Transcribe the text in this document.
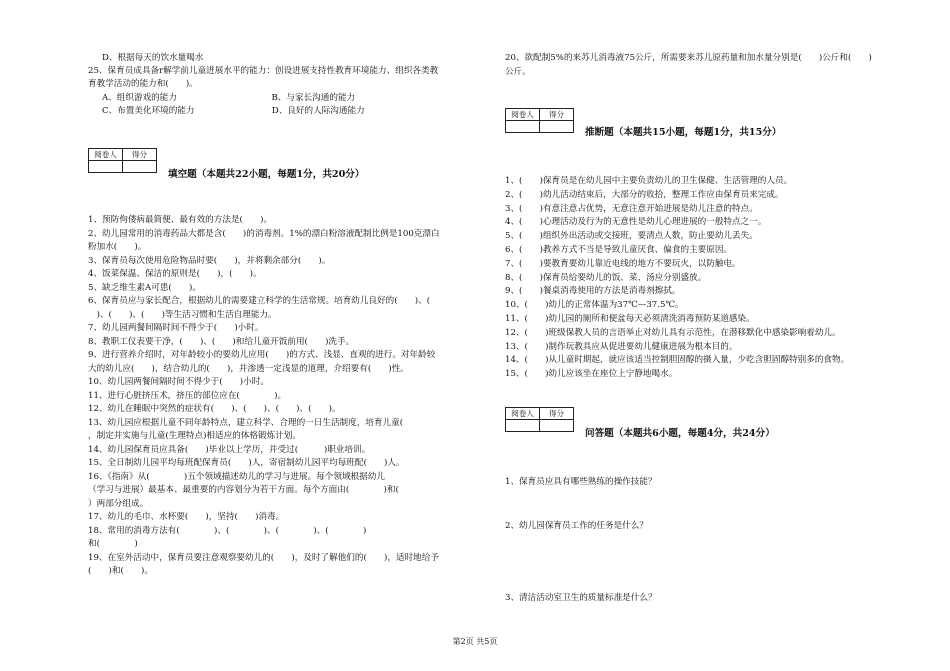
D、根据每天的饮水量喝水
25、保育员成具备r解学前儿童进展水平的能力：创设进展支持性教育环境能力、组织各类教
育教学活动的能力和(　　)。
A、组织游戏的能力　　　　　　　　　　　B、与家长沟通的能力
C、布置美化环境的能力　　　　　　　　　D、良好的人际沟通能力
阅卷人	得分

填空题（本题共22小题，每题1分，共20分）
1、预防佝偻病最简便、最有效的方法是(　　)。
2、幼儿园常用的消毒药品大都是含(　　)的消毒剂。1%的漂白粉溶液配制比例是100克漂白
粉加水(　　)。
3、保育员每次使用危险物品时要(　　)，并将剩余部分(　　)。
4、饭菜保温、保洁的原则是(　　)，(　　)。
5、缺乏维生素A可患(　　)。
6、保育员应与家长配合，根据幼儿的需要建立科学的生活常规。培育幼儿良好的(　　)、(
　)、(　　)、(　　)等生活习惯和生活自理能力。
7、幼儿园两餐间隔时间不得少于(　　)小时。
8、教职工仪表要干净，(　　)、(　　)和给儿童开饭前用(　　)洗手。
9、进行营养介绍时，对年龄较小的要幼儿应用(　　)的方式、浅显、直观的进行。对年龄较
大的幼儿应(　　)，结合幼儿的(　　)，并渗透一定浅显的道理，介绍要有(　　)性。
10、幼儿园两餐间隔时间不得少于(　　)小时。
11、进行心脏挤压术，挤压的部位应在(　　　　)。
12、幼儿在睡眠中突然的症状有(　　)、(　　)、(　　)、(　　)。
13、幼儿园应根据儿童不同年龄特点，建立科学、合理的一日生活制度，培育儿童(
，制定并实施与儿童(生理特点)相适应的体格锻炼计划。
14、幼儿园保育员应具备(　　)毕业以上学历，并受过(　　　)职业培训。
15、全日制幼儿园平均每班配保育员(　　)人，寄宿制幼儿园平均每班配(　　)人。
16、《指南》从(　　　　)五个领域描述幼儿的学习与进展。每个领域根据幼儿
（学习与进展）最基本、最重要的内容划分为若干方面。每个方面由(　　　　)和(
）两部分组成。
17、幼儿的毛巾、水杯要(　　)，坚持(　　)消毒。
18、常用的消毒方法有(　　　　)、(　　　　)、(　　　　)、(　　　　)
和(　　　　)
19、在室外活动中，保育员要注意观察要幼儿的(　　)，及时了解他们的(　　)，适时地给予
(　　)和(　　)。
20、欲配制5%的来苏儿消毒液75公斤，所需要来苏儿原药量和加水量分别是(　　)公斤和(　　)
公斤。
阅卷人	得分

推断题（本题共15小题，每题1分，共15分）
1、(　　)保育员是在幼儿园中主要负责幼儿的卫生保健、生活管理的人员。
2、(　　)幼儿活动结束后，大部分的收拾，整理工作应由保育员来完成。
3、(　　)有意注意占优势，无意注意开始进展是幼儿注意的特点。
4、(　　)心理活动及行为的无意性是幼儿心理进展的一般特点之一。
5、(　　)组织外出活动或交接班，要清点人数，防止要幼儿丢失。
6、(　　)教养方式不当是导致儿童厌食、偏食的主要原因。
7、(　　)要教育要幼儿靠近电线的地方不要玩火，以防触电。
8、(　　)保育员给要幼儿的饭、菜、汤应分别盛放。
9、(　　)餐桌消毒使用的方法是消毒剂擦拭。
10、(　　)幼儿的正常体温为37℃—37.5℃。
11、(　　)幼儿园的厕所和便盆每天必须清洗消毒预防某道感染。
12、(　　)班级保教人员的言语举止对幼儿具有示范性，在潜移默化中感染影响着幼儿。
13、(　　)制作玩教具应从促进要幼儿健康进展为根本目的。
14、(　　)从儿童时期起，就应该适当控制胆固醇的摄入量，少吃含胆固醇特别多的食物。
15、(　　)幼儿应该坐在座位上宁静地喝水。
阅卷人	得分

问答题（本题共6小题，每题4分，共24分）
1、保育员应具有哪些熟练的操作技能？
2、幼儿园保育员工作的任务是什么？
3、清洁活动室卫生的质量标准是什么？
第2页 共5页
